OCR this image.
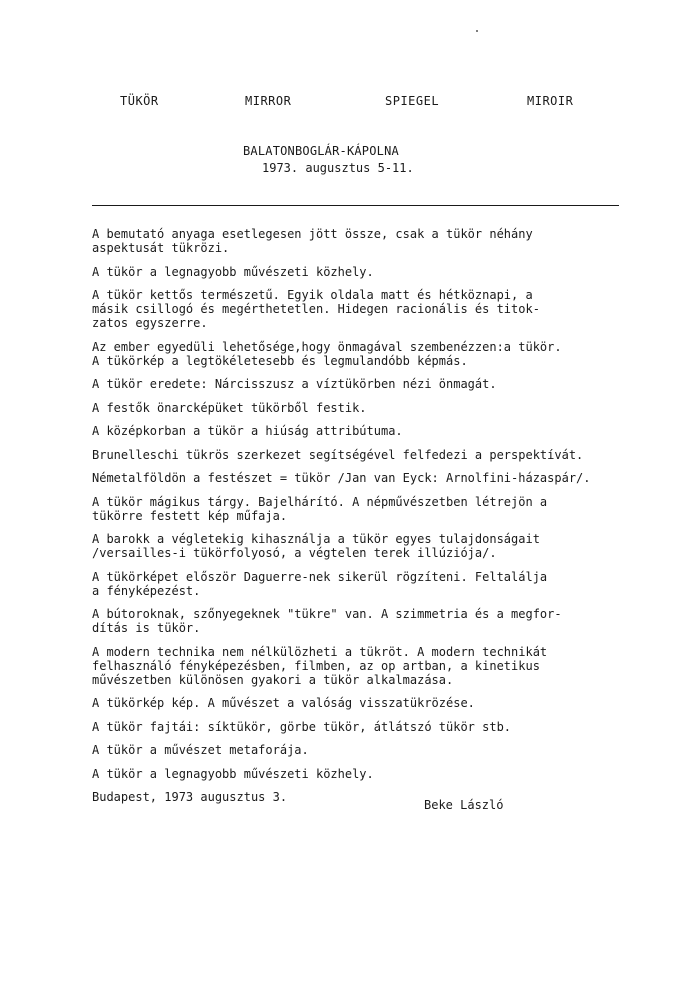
TÜKÖR	MIRROR	SPIEGEL	MIROIR
BALATONBOGLÁR-KÁPOLNA
1973. augusztus 5-11.

A bemutató anyaga esetlegesen jött össze, csak a tükör néhány
aspektusát tükrözi.

A tükör a legnagyobb művészeti közhely.

A tükör kettős természetű. Egyik oldala matt és hétköznapi, a
másik csillogó és megérthetetlen. Hidegen racionális és titok-
zatos egyszerre.

Az ember egyedüli lehetősége,hogy önmagával szembenézzen:a tükör.
A tükörkép a legtökéletesebb és legmulandóbb képmás.

A tükör eredete: Nárcisszusz a víztükörben nézi önmagát.

A festők önarcképüket tükörből festik.

A középkorban a tükör a hiúság attribútuma.

Brunelleschi tükrös szerkezet segítségével felfedezi a perspektívát.

Németalföldön a festészet = tükör /Jan van Eyck: Arnolfini-házaspár/.

A tükör mágikus tárgy. Bajelhárító. A népművészetben létrejön a
tükörre festett kép műfaja.

A barokk a végletekig kihasználja a tükör egyes tulajdonságait
/versailles-i tükörfolyosó, a végtelen terek illúziója/.

A tükörképet először Daguerre-nek sikerül rögzíteni. Feltalálja
a fényképezést.

A bútoroknak, szőnyegeknek "tükre" van. A szimmetria és a megfor-
dítás is tükör.

A modern technika nem nélkülözheti a tükröt. A modern technikát
felhasználó fényképezésben, filmben, az op artban, a kinetikus
művészetben különösen gyakori a tükör alkalmazása.

A tükörkép kép. A művészet a valóság visszatükrözése.

A tükör fajtái: síktükör, görbe tükör, átlátszó tükör stb.

A tükör a művészet metaforája.

A tükör a legnagyobb művészeti közhely.

Budapest, 1973 augusztus 3.

Beke László
